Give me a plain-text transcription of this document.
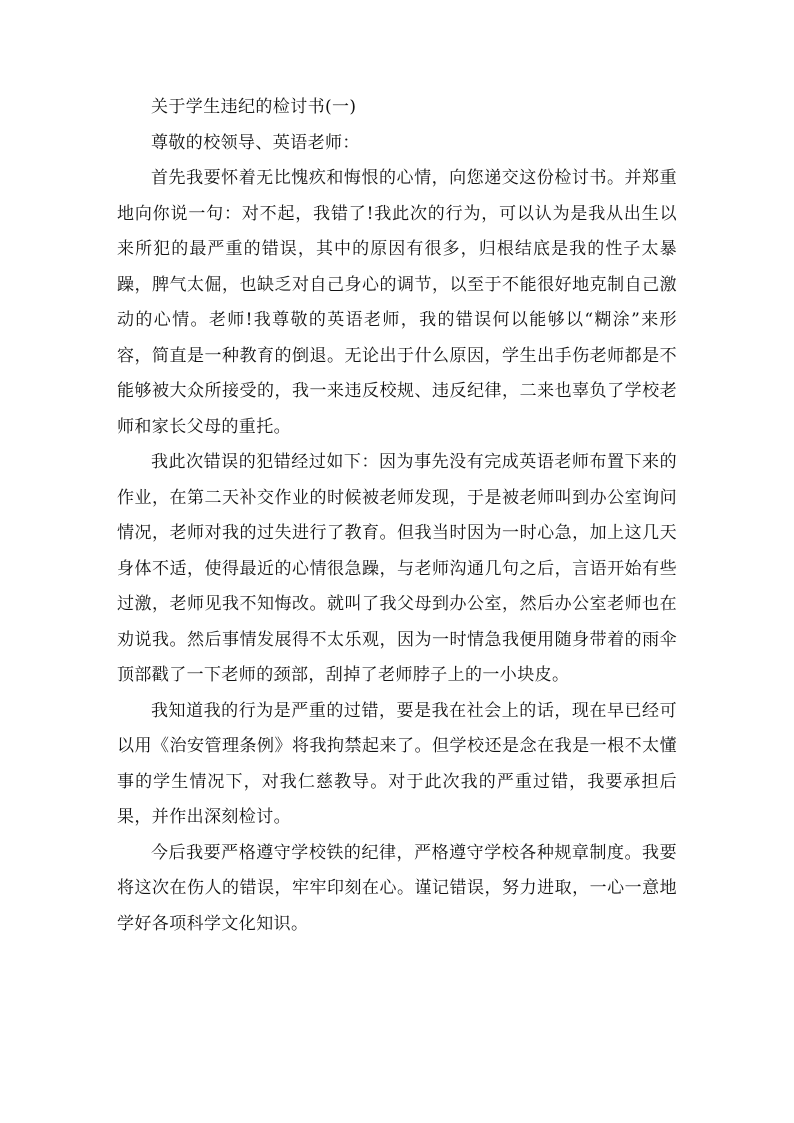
关于学生违纪的检讨书(一)

尊敬的校领导、英语老师：

首先我要怀着无比愧疚和悔恨的心情，向您递交这份检讨书。并郑重地向你说一句：对不起，我错了!我此次的行为，可以认为是我从出生以来所犯的最严重的错误，其中的原因有很多，归根结底是我的性子太暴躁，脾气太倔，也缺乏对自己身心的调节，以至于不能很好地克制自己激动的心情。老师!我尊敬的英语老师，我的错误何以能够以“糊涂”来形容，简直是一种教育的倒退。无论出于什么原因，学生出手伤老师都是不能够被大众所接受的，我一来违反校规、违反纪律，二来也辜负了学校老师和家长父母的重托。

我此次错误的犯错经过如下：因为事先没有完成英语老师布置下来的作业，在第二天补交作业的时候被老师发现，于是被老师叫到办公室询问情况，老师对我的过失进行了教育。但我当时因为一时心急，加上这几天身体不适，使得最近的心情很急躁，与老师沟通几句之后，言语开始有些过激，老师见我不知悔改。就叫了我父母到办公室，然后办公室老师也在劝说我。然后事情发展得不太乐观，因为一时情急我便用随身带着的雨伞顶部戳了一下老师的颈部，刮掉了老师脖子上的一小块皮。

我知道我的行为是严重的过错，要是我在社会上的话，现在早已经可以用《治安管理条例》将我拘禁起来了。但学校还是念在我是一根不太懂事的学生情况下，对我仁慈教导。对于此次我的严重过错，我要承担后果，并作出深刻检讨。

今后我要严格遵守学校铁的纪律，严格遵守学校各种规章制度。我要将这次在伤人的错误，牢牢印刻在心。谨记错误，努力进取，一心一意地学好各项科学文化知识。
